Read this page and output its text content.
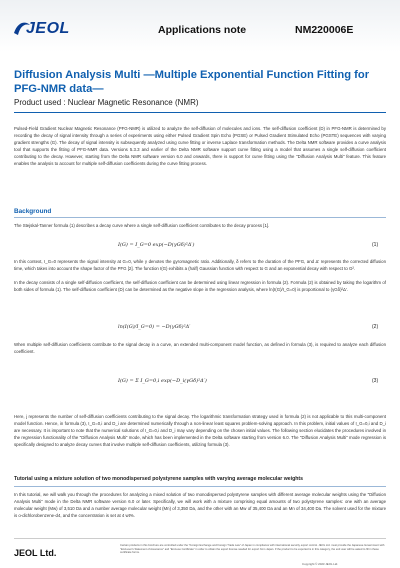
JEOL	Applications note	NM220006E
Diffusion Analysis Multi —Multiple Exponential Function Fitting for PFG-NMR data—
Product used : Nuclear Magnetic Resonance (NMR)
Pulsed-Field Gradient Nuclear Magnetic Resonance (PFG-NMR) is utilized to analyze the self-diffusion of molecules and ions. The self-diffusion coefficient (D) in PFG-NMR is determined by recording the decay of signal intensity through a series of experiments using either Pulsed Gradient Spin Echo (PGSE) or Pulsed Gradient Stimulated Echo (PGSTE) sequences with varying gradient strengths (G). The decay of signal intensity is subsequently analyzed using curve fitting or inverse Laplace transformation methods. The Delta NMR software provides a curve analysis tool that supports the fitting of PFG-NMR data. Versions 5.3.3 and earlier of the Delta NMR software support curve fitting using a model that assumes a single self-diffusion coefficient contributing to the decay. However, starting from the Delta NMR software version 6.0 and onwards, there is support for curve fitting using the "Diffusion Analysis Multi" feature. This feature enables the analysis to account for multiple self-diffusion coefficients during the curve fitting process.
Background
The Stejskal-Tanner formula (1) describes a decay curve where a single self-diffusion coefficient contributes to the decay process [1].
I(G) = I_G=0 exp(−D(γGδ)²Δ′)	(1)
In this context, I_G=0 represents the signal intensity at G=0, while γ denotes the gyromagnetic ratio. Additionally, δ refers to the duration of the PFG, and Δ′ represents the corrected diffusion time, which takes into account the shape factor of the PFG [2]. The function I(G) exhibits a (half) Gaussian function with respect to G and an exponential decay with respect to G².
In the decay consists of a single self-diffusion coefficient, the self-diffusion coefficient can be determined using linear regression in formula (2). Formula (2) is obtained by taking the logarithm of both sides of formula (1). The self-diffusion coefficient (D) can be determined as the negative slope in the regression analysis, where ln(I(G)/I_G=0) is proportional to (γGδ)²Δ′.
ln(I(G)/I_G=0) = −D(γGδ)²Δ′	(2)
When multiple self-diffusion coefficients contribute to the signal decay in a curve, an extended multi-component model function, as defined in formula (3), is required to analyze each diffusion coefficient.
I(G) = Σ I_G=0,i exp(−D_i(γGδ)²Δ′)	(3)
Here, j represents the number of self-diffusion coefficients contributing to the signal decay. The logarithmic transformation strategy used in formula (2) is not applicable to this multi-component model function. Hence, in formula (3), I_G=0,i and D_i are determined numerically through a non-linear least squares problem-solving approach. In this problem, initial values of I_G=0,i and D_i are necessary. It is important to note that the numerical solutions of I_G=0,i and D_i may vary depending on the chosen initial values. The following section elucidates the procedures involved in the regression functionality of the "Diffusion Analysis Multi" mode, which has been implemented in the Delta software starting from version 6.0. The "Diffusion Analysis Multi" mode regression is specifically designed to analyze decay curves that involve multiple self-diffusion coefficients, utilizing formula (3).
Tutorial using a mixture solution of two monodispersed polystyrene samples with varying average molecular weights
In this tutorial, we will walk you through the procedures for analyzing a mixed solution of two monodispersed polystyrene samples with different average molecular weights using the "Diffusion Analysis Multi" mode in the Delta NMR software version 6.0 or later. Specifically, we will work with a mixture comprising equal amounts of two polystyrene samples: one with an average molecular weight (Mw) of 3,510 Da and a number average molecular weight (Mn) of 3,350 Da, and the other with an Mw of 35,400 Da and an Mn of 34,400 Da. The solvent used for the mixture is o-dichlorobenzene-d4, and the concentration is set at 4 wt%.
JEOL Ltd.
Certain products in this brochure are controlled under the "Foreign Exchange and Foreign Trade Law" of Japan in compliance with international security export control. JEOL Ltd. must provide the Japanese Government with "End-user's Statement of Assurance" and "End-use Certificate" in order to obtain the export license needed for export from Japan. If the product to be exported is in this category, the end user will be asked to fill in these certificate forms.
Copyright © 2023 JEOL Ltd.
